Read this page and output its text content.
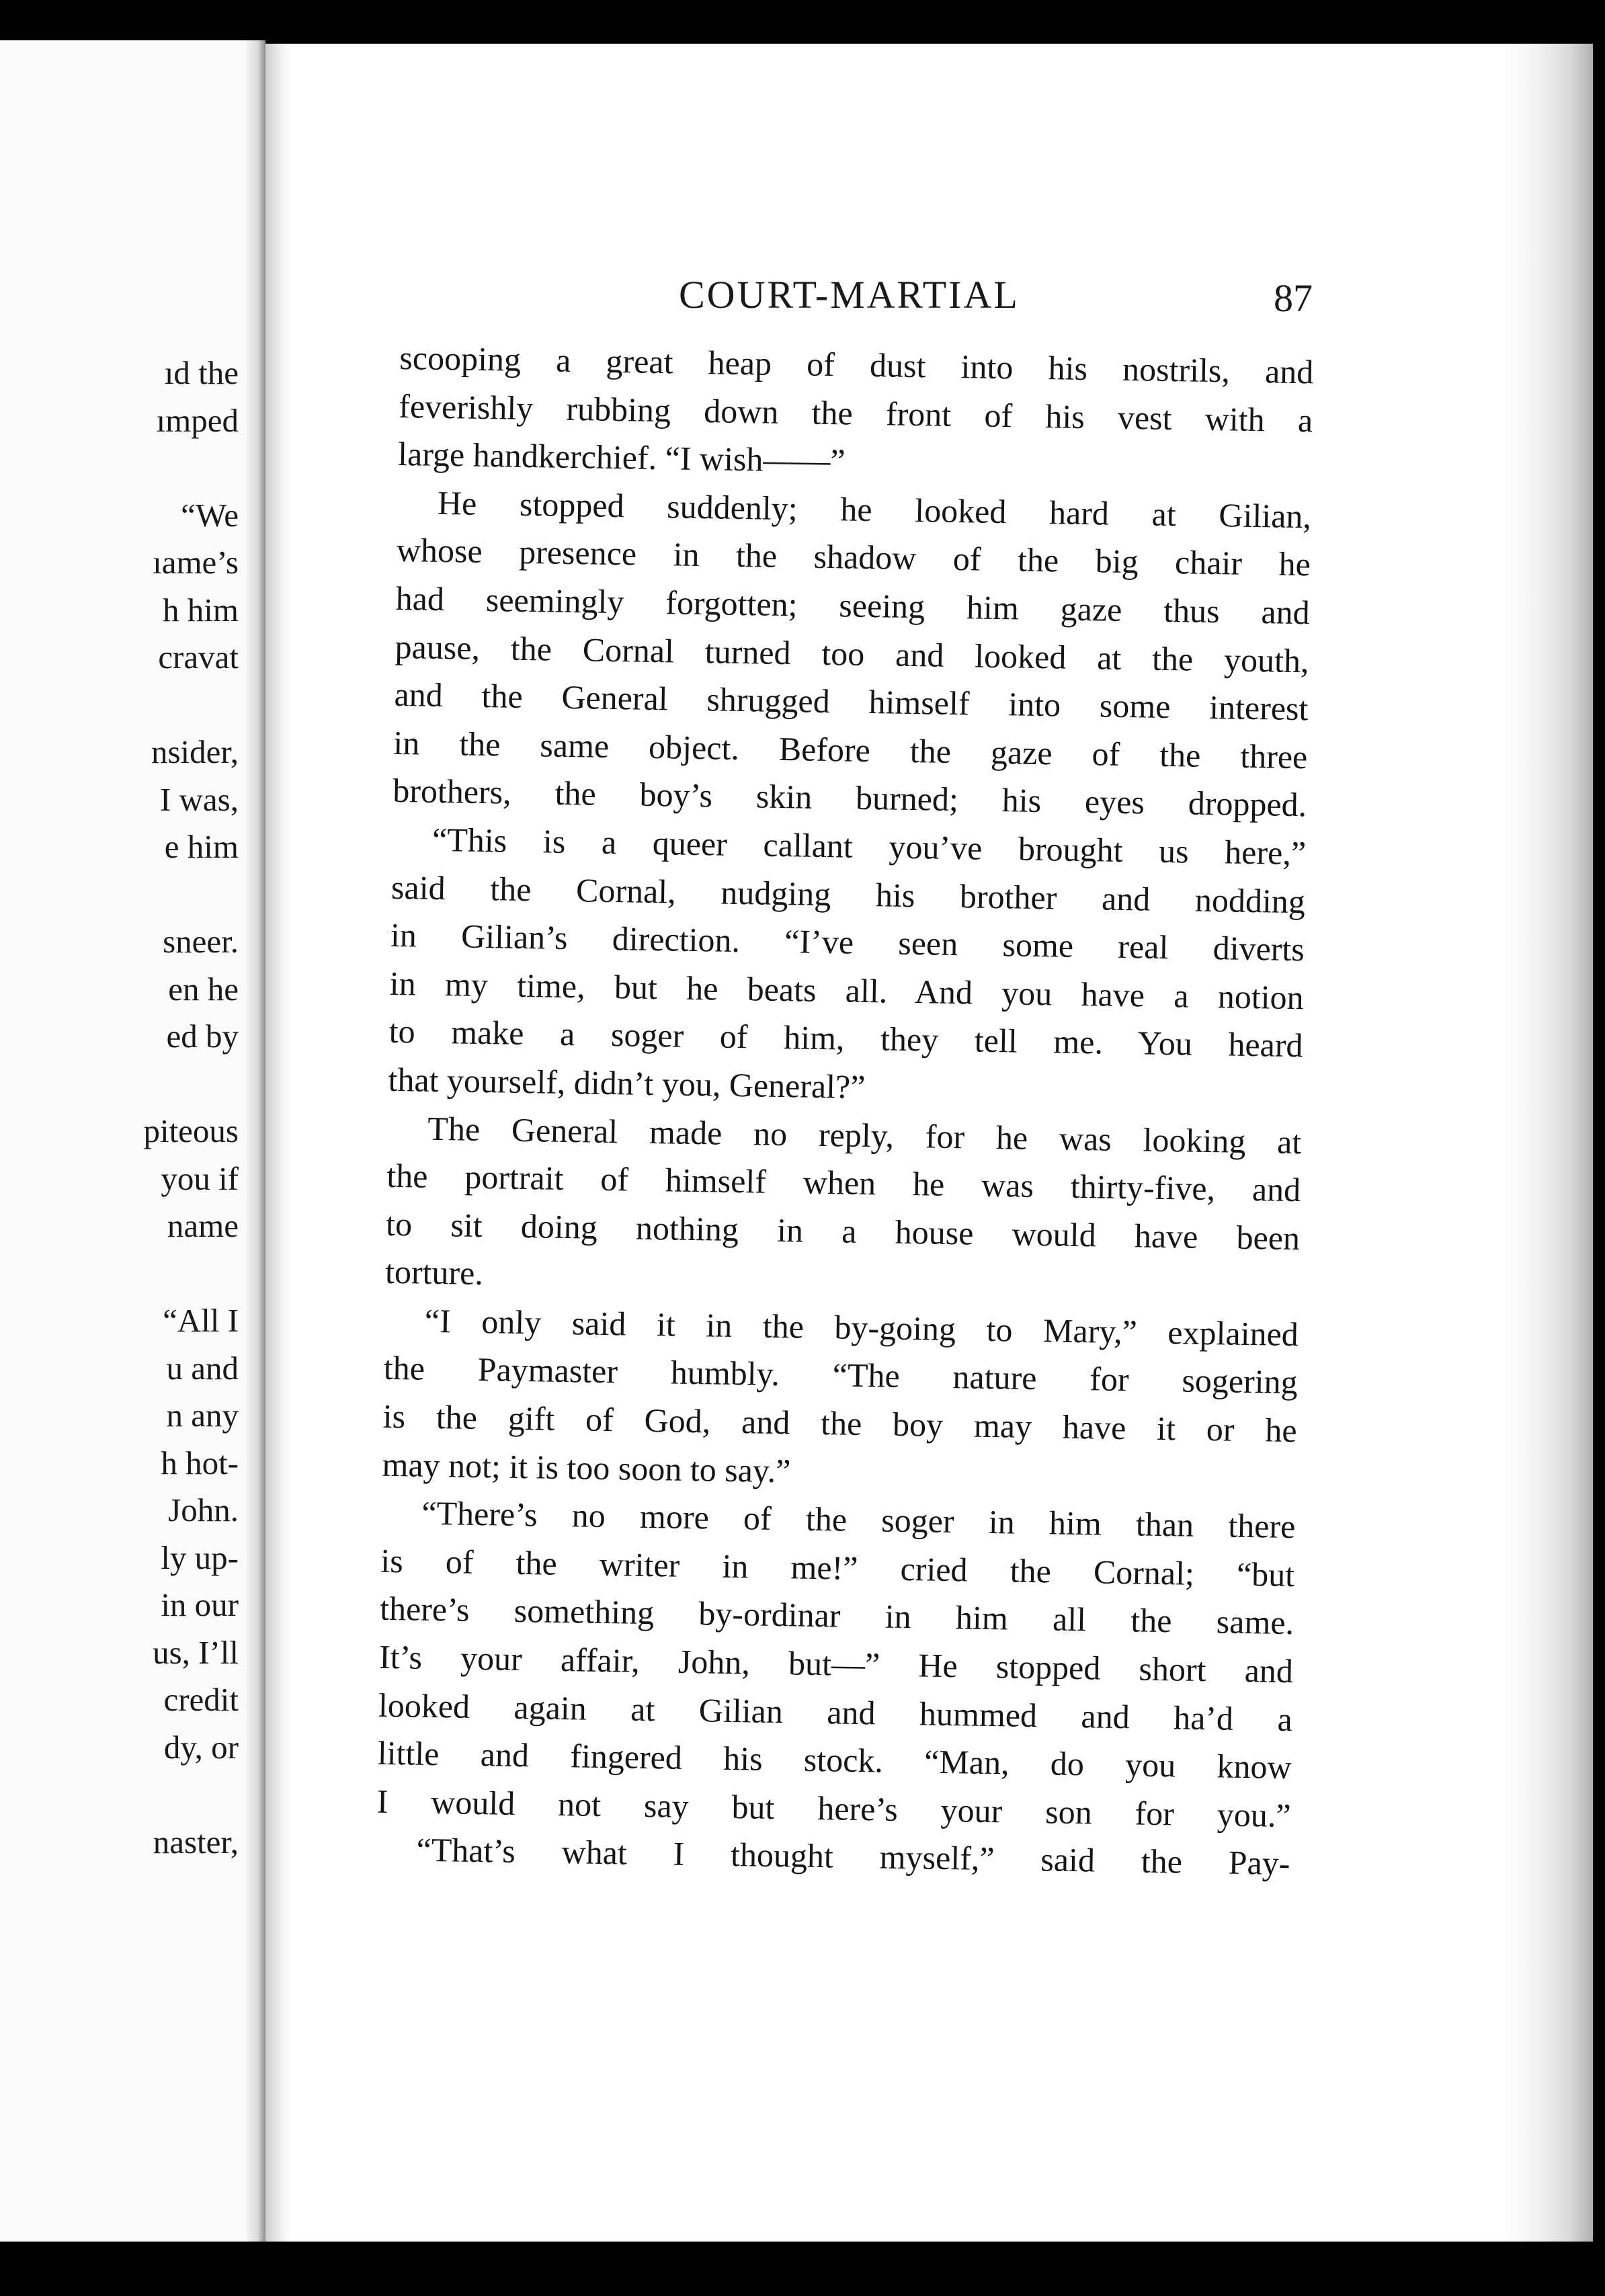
ıd the
ımped
“We
ıame’s
h him
cravat
nsider,
I was,
e him
sneer.
en he
ed by
piteous
you if
name
“All I
u and
n any
h hot-
John.
ly up-
in our
us, I’ll
credit
dy, or
naster,
COURT-MARTIAL	87
scooping a great heap of dust into his nostrils, and
feverishly rubbing down the front of his vest with a
large handkerchief. “I wish——”
He stopped suddenly; he looked hard at Gilian,
whose presence in the shadow of the big chair he
had seemingly forgotten; seeing him gaze thus and
pause, the Cornal turned too and looked at the youth,
and the General shrugged himself into some interest
in the same object. Before the gaze of the three
brothers, the boy’s skin burned; his eyes dropped.
“This is a queer callant you’ve brought us here,”
said the Cornal, nudging his brother and nodding
in Gilian’s direction. “I’ve seen some real diverts
in my time, but he beats all. And you have a notion
to make a soger of him, they tell me. You heard
that yourself, didn’t you, General?”
The General made no reply, for he was looking at
the portrait of himself when he was thirty-five, and
to sit doing nothing in a house would have been
torture.
“I only said it in the by-going to Mary,” explained
the Paymaster humbly. “The nature for sogering
is the gift of God, and the boy may have it or he
may not; it is too soon to say.”
“There’s no more of the soger in him than there
is of the writer in me!” cried the Cornal; “but
there’s something by-ordinar in him all the same.
It’s your affair, John, but—” He stopped short and
looked again at Gilian and hummed and ha’d a
little and fingered his stock. “Man, do you know
I would not say but here’s your son for you.”
“That’s what I thought myself,” said the Pay-
